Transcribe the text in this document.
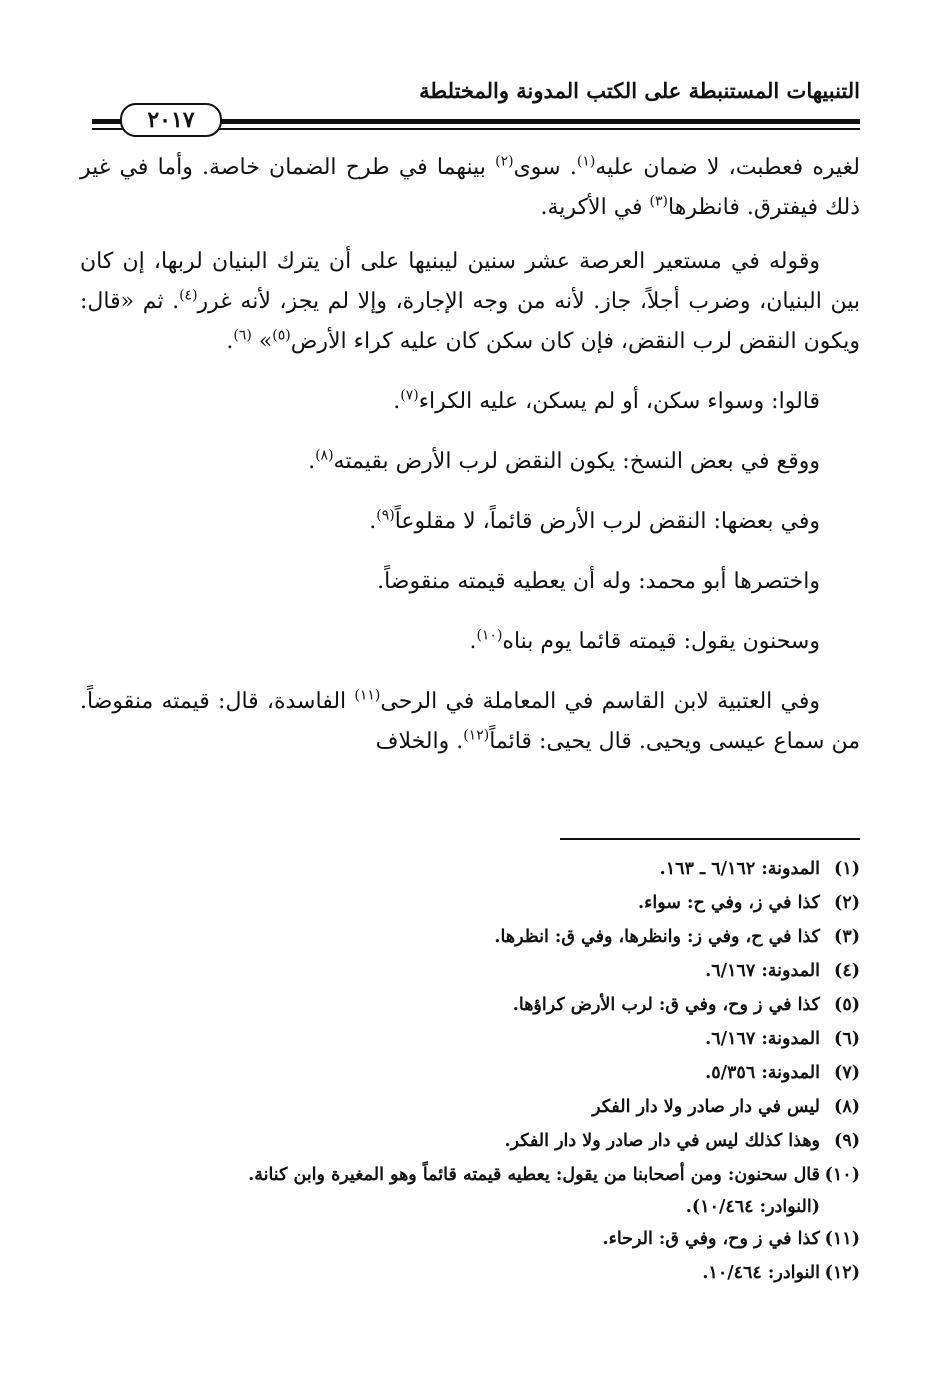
التنبيهات المستنبطة على الكتب المدونة والمختلطة
٢٠١٧

لغيره فعطبت، لا ضمان عليه$^{(١)}$. سوى$^{(٢)}$ بينهما في طرح الضمان خاصة. وأما في غير ذلك فيفترق. فانظرها$^{(٣)}$ في الأكرية.

وقوله في مستعير العرصة عشر سنين ليبنيها على أن يترك البنيان لربها، إن كان بين البنيان، وضرب أجلاً، جاز. لأنه من وجه الإجارة، وإلا لم يجز، لأنه غرر$^{(٤)}$. ثم «قال: ويكون النقض لرب النقض، فإن كان سكن كان عليه كراء الأرض$^{(٥)}$» $^{(٦)}$.

قالوا: وسواء سكن، أو لم يسكن، عليه الكراء$^{(٧)}$.

ووقع في بعض النسخ: يكون النقض لرب الأرض بقيمته$^{(٨)}$.

وفي بعضها: النقض لرب الأرض قائماً، لا مقلوعاً$^{(٩)}$.

واختصرها أبو محمد: وله أن يعطيه قيمته منقوضاً.

وسحنون يقول: قيمته قائما يوم بناه$^{(١٠)}$.

وفي العتبية لابن القاسم في المعاملة في الرحى$^{(١١)}$ الفاسدة، قال: قيمته منقوضاً. من سماع عيسى ويحيى. قال يحيى: قائماً$^{(١٢)}$. والخلاف

(١)
المدونة: ٦/١٦٢ ـ ١٦٣.
(٢)
كذا في ز، وفي ح: سواء.
(٣)
كذا في ح، وفي ز: وانظرها، وفي ق: انظرها.
(٤)
المدونة: ٦/١٦٧.
(٥)
كذا في ز وح، وفي ق: لرب الأرض كراؤها.
(٦)
المدونة: ٦/١٦٧.
(٧)
المدونة: ٥/٣٥٦.
(٨)
ليس في دار صادر ولا دار الفكر
(٩)
وهذا كذلك ليس في دار صادر ولا دار الفكر.
(١٠)
قال سحنون: ومن أصحابنا من يقول: يعطيه قيمته قائماً وهو المغيرة وابن كنانة.
(النوادر: ١٠/٤٦٤).
(١١)
كذا في ز وح، وفي ق: الرحاء.
(١٢)
النوادر: ١٠/٤٦٤.
